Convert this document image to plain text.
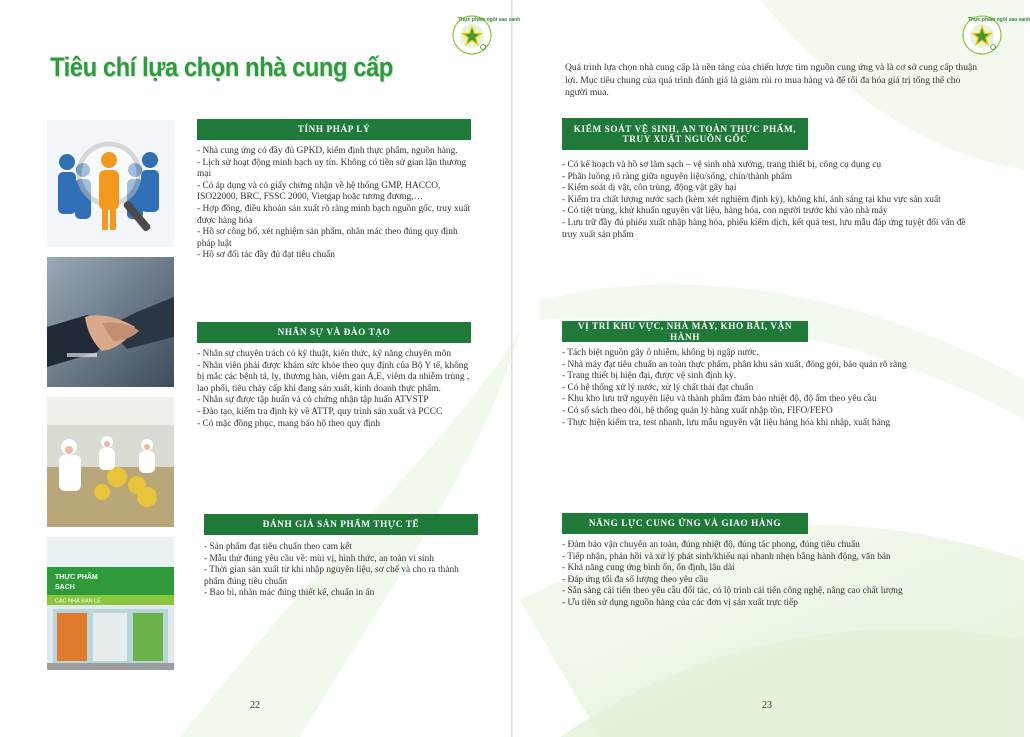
Thực phẩm ngôi sao xanh	Thực phẩm ngôi sao xanh
Tiêu chí lựa chọn nhà cung cấp
THỰC PHẨM
SẠCH
CÁC NHÀ BÁN LẺ
TÍNH PHÁP LÝ

- Nhà cung ứng có đầy đủ GPKD, kiểm định thực phẩm, nguồn hàng.

- Lịch sử hoạt động minh bạch uy tín. Không có tiền sử gian lận thương mại

- Có áp dụng và có giấy chứng nhận về hệ thống GMP, HACCO, ISO22000, BRC, FSSC 2000, Vietgap hoặc tương đương,…

- Hợp đồng, điều khoản sản xuất rõ ràng minh bạch nguồn gốc, truy xuất được hàng hóa

- Hồ sơ công bố, xét nghiệm sản phẩm, nhãn mác theo đúng quy định pháp luật

- Hồ sơ đối tác đầy đủ đạt tiêu chuẩn

NHÂN SỰ VÀ ĐÀO TẠO

- Nhân sự chuyên trách có kỹ thuật, kiến thức, kỹ năng chuyên môn

- Nhân viên phải được khám sức khỏe theo quy định của Bộ Y tế, không bị mắc các bệnh tả, lỵ, thương hàn, viêm gan A,E, viêm da nhiễm trùng , lao phổi, tiêu chảy cấp khi đang sản xuất, kinh doanh thực phẩm.

- Nhân sự được tập huấn và có chứng nhận tập huấn ATVSTP

- Đào tạo, kiểm tra định kỳ về ATTP, quy trình sản xuất và PCCC

- Có mặc đồng phục, mang bảo hộ theo quy định

ĐÁNH GIÁ SẢN PHẨM THỰC TẾ

- Sản phẩm đạt tiêu chuẩn theo cam kết

- Mẫu thử đúng yêu cầu về: mùi vị, hình thức, an toàn vi sinh

- Thời gian sản xuất từ khi nhập nguyên liệu, sơ chế và cho ra thành phẩm đúng tiêu chuẩn

- Bao bì, nhãn mác đúng thiết kế, chuẩn in ấn

22
Quá trình lựa chọn nhà cung cấp là nền tảng của chiến lược tìm nguồn cung ứng và là cơ sở cung cấp thuận lợi. Mục tiêu chung của quá trình đánh giá là giảm rủi ro mua hàng và để tối đa hóa giá trị tổng thể cho người mua.
KIỂM SOÁT VỆ SINH, AN TOÀN THỰC PHẨM,
TRUY XUẤT NGUỒN GỐC

- Có kế hoạch và hồ sơ làm sạch – vệ sinh nhà xưởng, trang thiết bị, công cụ dụng cụ

- Phân luồng rõ ràng giữa nguyên liệu/sống, chín/thành phẩm

- Kiểm soát dị vật, côn trùng, động vật gây hại

- Kiểm tra chất lượng nước sạch (kèm xét nghiệm định kỳ), không khí, ánh sáng tại khu vực sản xuất

- Có tiệt trùng, khử khuẩn nguyên vật liệu, hàng hóa, con người trước khi vào nhà máy

- Lưu trữ đầy đủ phiếu xuất nhập hàng hóa, phiếu kiểm dịch, kết quả test, lưu mẫu đáp ứng tuyệt đối vấn đề truy xuất sản phẩm

VỊ TRÍ KHU VỰC, NHÀ MÁY, KHO BÃI, VẬN HÀNH

- Tách biệt nguồn gây ô nhiễm, không bị ngập nước.

- Nhà máy đạt tiêu chuẩn an toàn thực phẩm, phân khu sản xuất, đóng gói, bảo quản rõ ràng

- Trang thiết bị hiện đại, được vệ sinh định kỳ.

- Có hệ thống xử lý nước, xử lý chất thải đạt chuẩn

- Khu kho lưu trữ nguyên liệu và thành phẩm đảm bảo nhiệt độ, độ ẩm theo yêu cầu

- Có sổ sách theo dõi, hệ thống quản lý hàng xuất nhập tồn, FIFO/FEFO

- Thực hiện kiểm tra, test nhanh, lưu mẫu nguyên vật liệu hàng hóa khi nhập, xuất hàng

NĂNG LỰC CUNG ỨNG VÀ GIAO HÀNG

- Đảm bảo vận chuyển an toàn, đúng nhiệt độ, đúng tác phong, đúng tiêu chuẩn

- Tiếp nhận, phản hồi và xử lý phát sinh/khiếu nại nhanh nhẹn bằng hành động, văn bản

- Khả năng cung ứng bình ổn, ổn định, lâu dài

- Đáp ứng tối đa số lượng theo yêu cầu

- Sẵn sàng cải tiến theo yêu cầu đối tác, có lộ trình cải tiến công nghệ, nâng cao chất lượng

- Ưu tiên sử dụng nguồn hàng của các đơn vị sản xuất trực tiếp

23
